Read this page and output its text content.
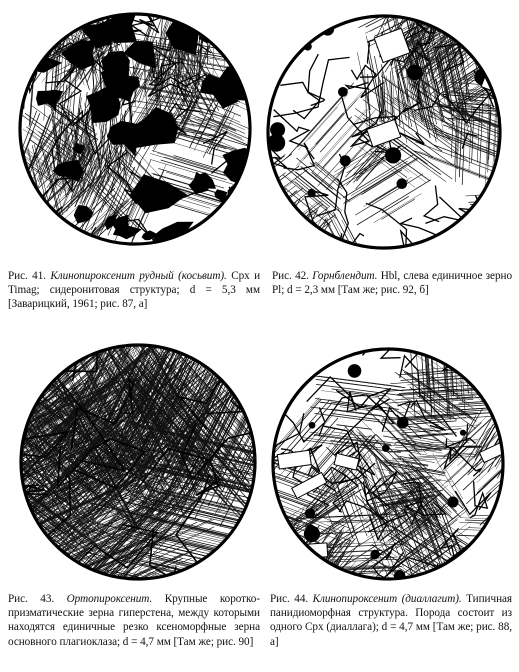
Рис. 41. Клинопироксенит рудный (косьвит). Cpx и Timag; сидеронитовая структура; d = 5,3 мм [Заварицкий, 1961; рис. 87, а]

Рис. 42. Горнблендит. Hbl, слева единичное зерно Pl; d = 2,3 мм [Там же; рис. 92, б]

Рис. 43. Ортопироксенит. Крупные коротко-призматические зерна гиперстена, между которыми находятся единичные резко ксеноморфные зерна основного плагиоклаза; d = 4,7 мм [Там же; рис. 90]

Рис. 44. Клинопироксенит (диаллагит). Типичная панидиоморфная структура. Порода состоит из одного Cpx (диаллага); d = 4,7 мм [Там же; рис. 88, а]
